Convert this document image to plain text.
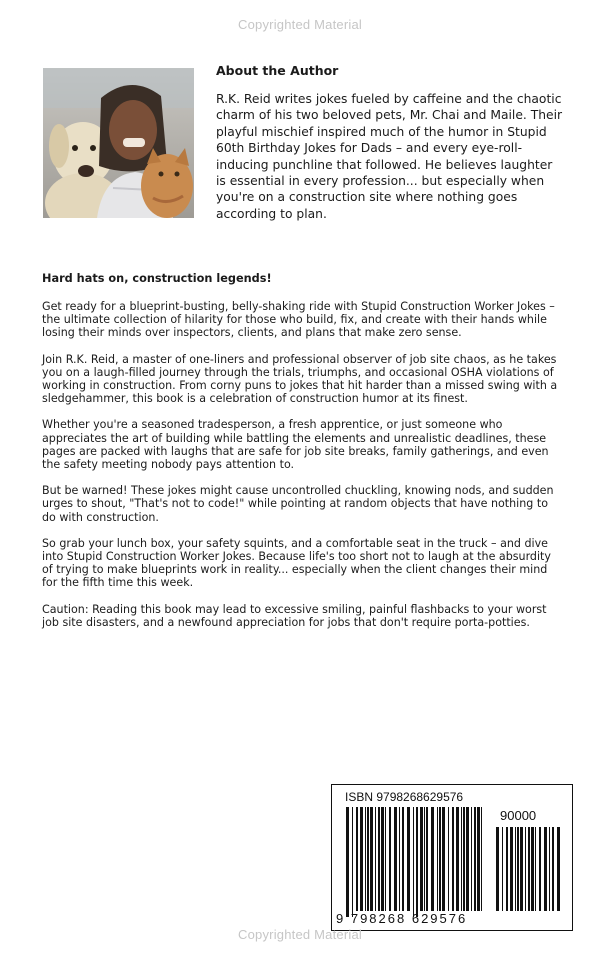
Copyrighted Material
About the Author

R.K. Reid writes jokes fueled by caffeine and the chaotic charm of his two beloved pets, Mr. Chai and Maile. Their playful mischief inspired much of the humor in Stupid 60th Birthday Jokes for Dads – and every eye-roll-inducing punchline that followed. He believes laughter is essential in every profession... but especially when you're on a construction site where nothing goes according to plan.

Hard hats on, construction legends!

Get ready for a blueprint-busting, belly-shaking ride with Stupid Construction Worker Jokes – the ultimate collection of hilarity for those who build, fix, and create with their hands while losing their minds over inspectors, clients, and plans that make zero sense.

Join R.K. Reid, a master of one-liners and professional observer of job site chaos, as he takes you on a laugh-filled journey through the trials, triumphs, and occasional OSHA violations of working in construction. From corny puns to jokes that hit harder than a missed swing with a sledgehammer, this book is a celebration of construction humor at its finest.

Whether you're a seasoned tradesperson, a fresh apprentice, or just someone who appreciates the art of building while battling the elements and unrealistic deadlines, these pages are packed with laughs that are safe for job site breaks, family gatherings, and even the safety meeting nobody pays attention to.

But be warned! These jokes might cause uncontrolled chuckling, knowing nods, and sudden urges to shout, "That's not to code!" while pointing at random objects that have nothing to do with construction.

So grab your lunch box, your safety squints, and a comfortable seat in the truck – and dive into Stupid Construction Worker Jokes. Because life's too short not to laugh at the absurdity of trying to make blueprints work in reality... especially when the client changes their mind for the fifth time this week.

Caution: Reading this book may lead to excessive smiling, painful flashbacks to your worst job site disasters, and a newfound appreciation for jobs that don't require porta-potties.

ISBN 9798268629576
90000
9 798268 629576
Copyrighted Material
